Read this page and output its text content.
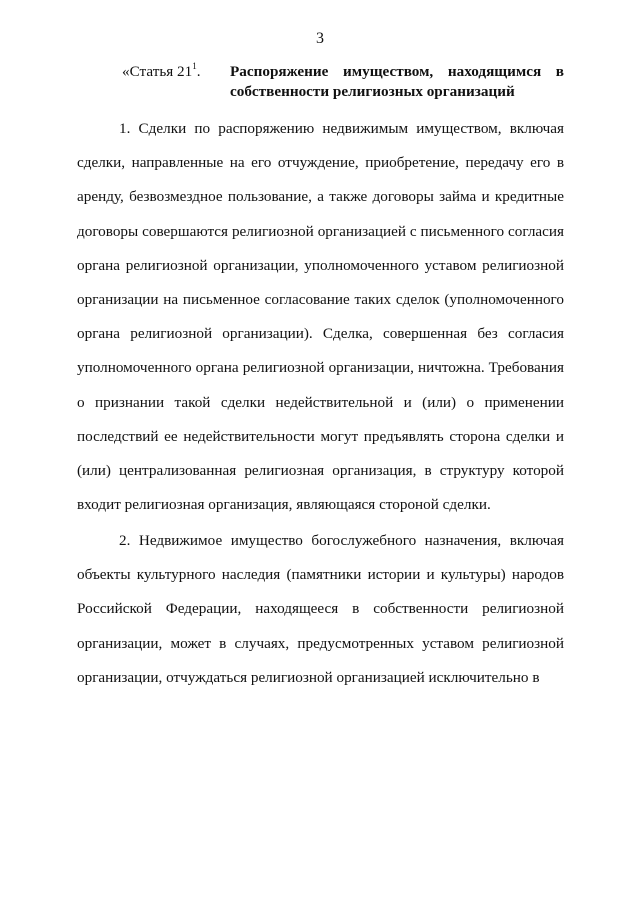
3
«Статья $21^1$. Распоряжение имуществом, находящимся в собственности религиозных организаций

1. Сделки по распоряжению недвижимым имуществом, включая сделки, направленные на его отчуждение, приобретение, передачу его в аренду, безвозмездное пользование, а также договоры займа и кредитные договоры совершаются религиозной организацией с письменного согласия органа религиозной организации, уполномоченного уставом религиозной организации на письменное согласование таких сделок (уполномоченного органа религиозной организации). Сделка, совершенная без согласия уполномоченного органа религиозной организации, ничтожна. Требования о признании такой сделки недействительной и (или) о применении последствий ее недействительности могут предъявлять сторона сделки и (или) централизованная религиозная организация, в структуру которой входит религиозная организация, являющаяся стороной сделки.

2. Недвижимое имущество богослужебного назначения, включая объекты культурного наследия (памятники истории и культуры) народов Российской Федерации, находящееся в собственности религиозной организации, может в случаях, предусмотренных уставом религиозной организации, отчуждаться религиозной организацией исключительно в
